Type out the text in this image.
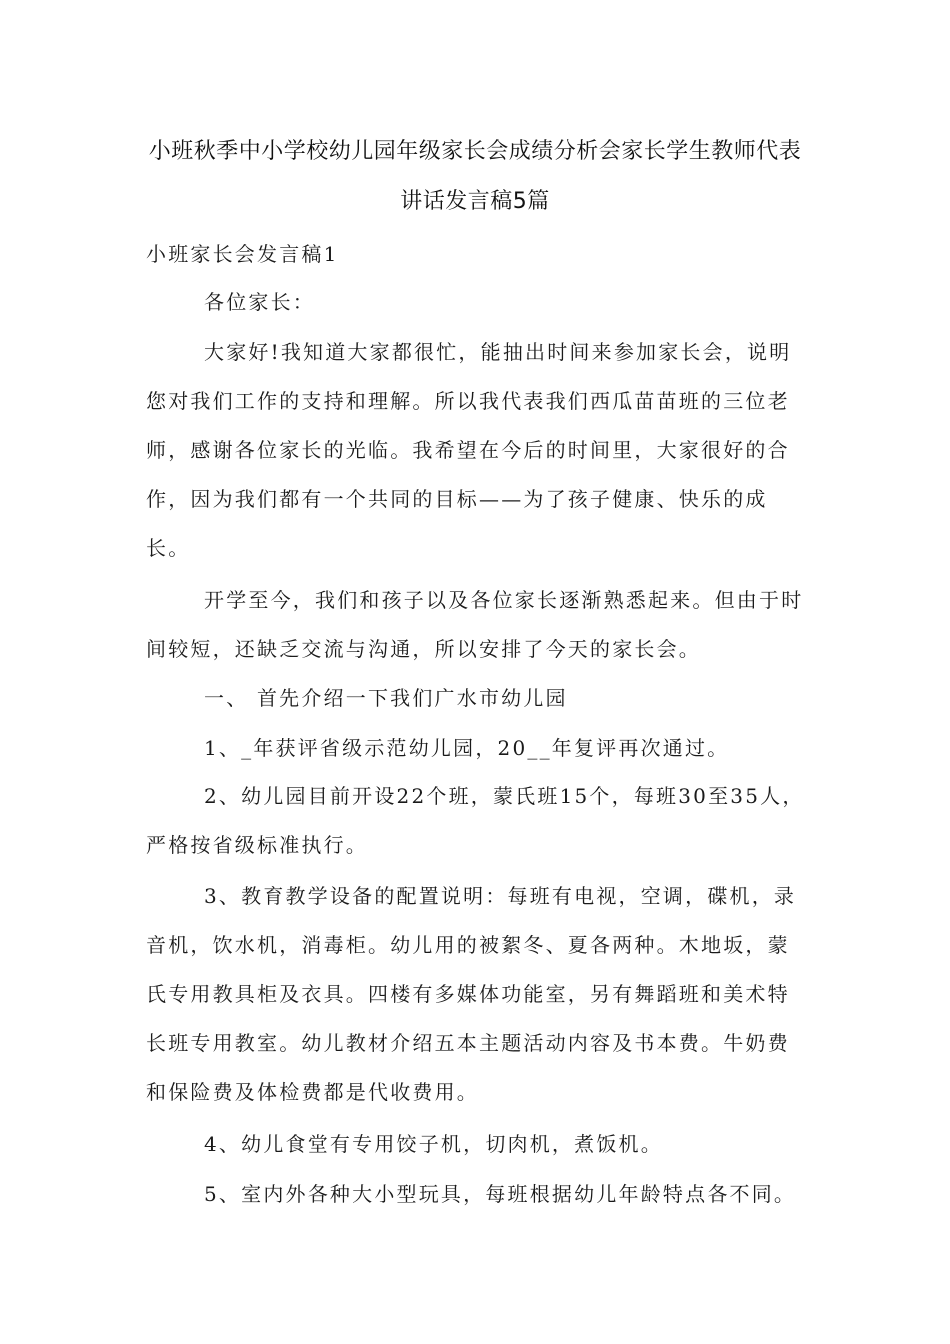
小班秋季中小学校幼儿园年级家长会成绩分析会家长学生教师代表
讲话发言稿5篇

小班家长会发言稿1

各位家长：

大家好!我知道大家都很忙，能抽出时间来参加家长会，说明您对我们工作的支持和理解。所以我代表我们西瓜苗苗班的三位老师，感谢各位家长的光临。我希望在今后的时间里，大家很好的合作，因为我们都有一个共同的目标——为了孩子健康、快乐的成长。

开学至今，我们和孩子以及各位家长逐渐熟悉起来。但由于时间较短，还缺乏交流与沟通，所以安排了今天的家长会。

一、 首先介绍一下我们广水市幼儿园

1、_年获评省级示范幼儿园，20__年复评再次通过。

2、幼儿园目前开设22个班，蒙氏班15个，每班30至35人，严格按省级标准执行。

3、教育教学设备的配置说明：每班有电视，空调，碟机，录音机，饮水机，消毒柜。幼儿用的被絮冬、夏各两种。木地坂，蒙氏专用教具柜及衣具。四楼有多媒体功能室，另有舞蹈班和美术特长班专用教室。幼儿教材介绍五本主题活动内容及书本费。牛奶费和保险费及体检费都是代收费用。

4、幼儿食堂有专用饺子机，切肉机，煮饭机。

5、室内外各种大小型玩具，每班根据幼儿年龄特点各不同。
